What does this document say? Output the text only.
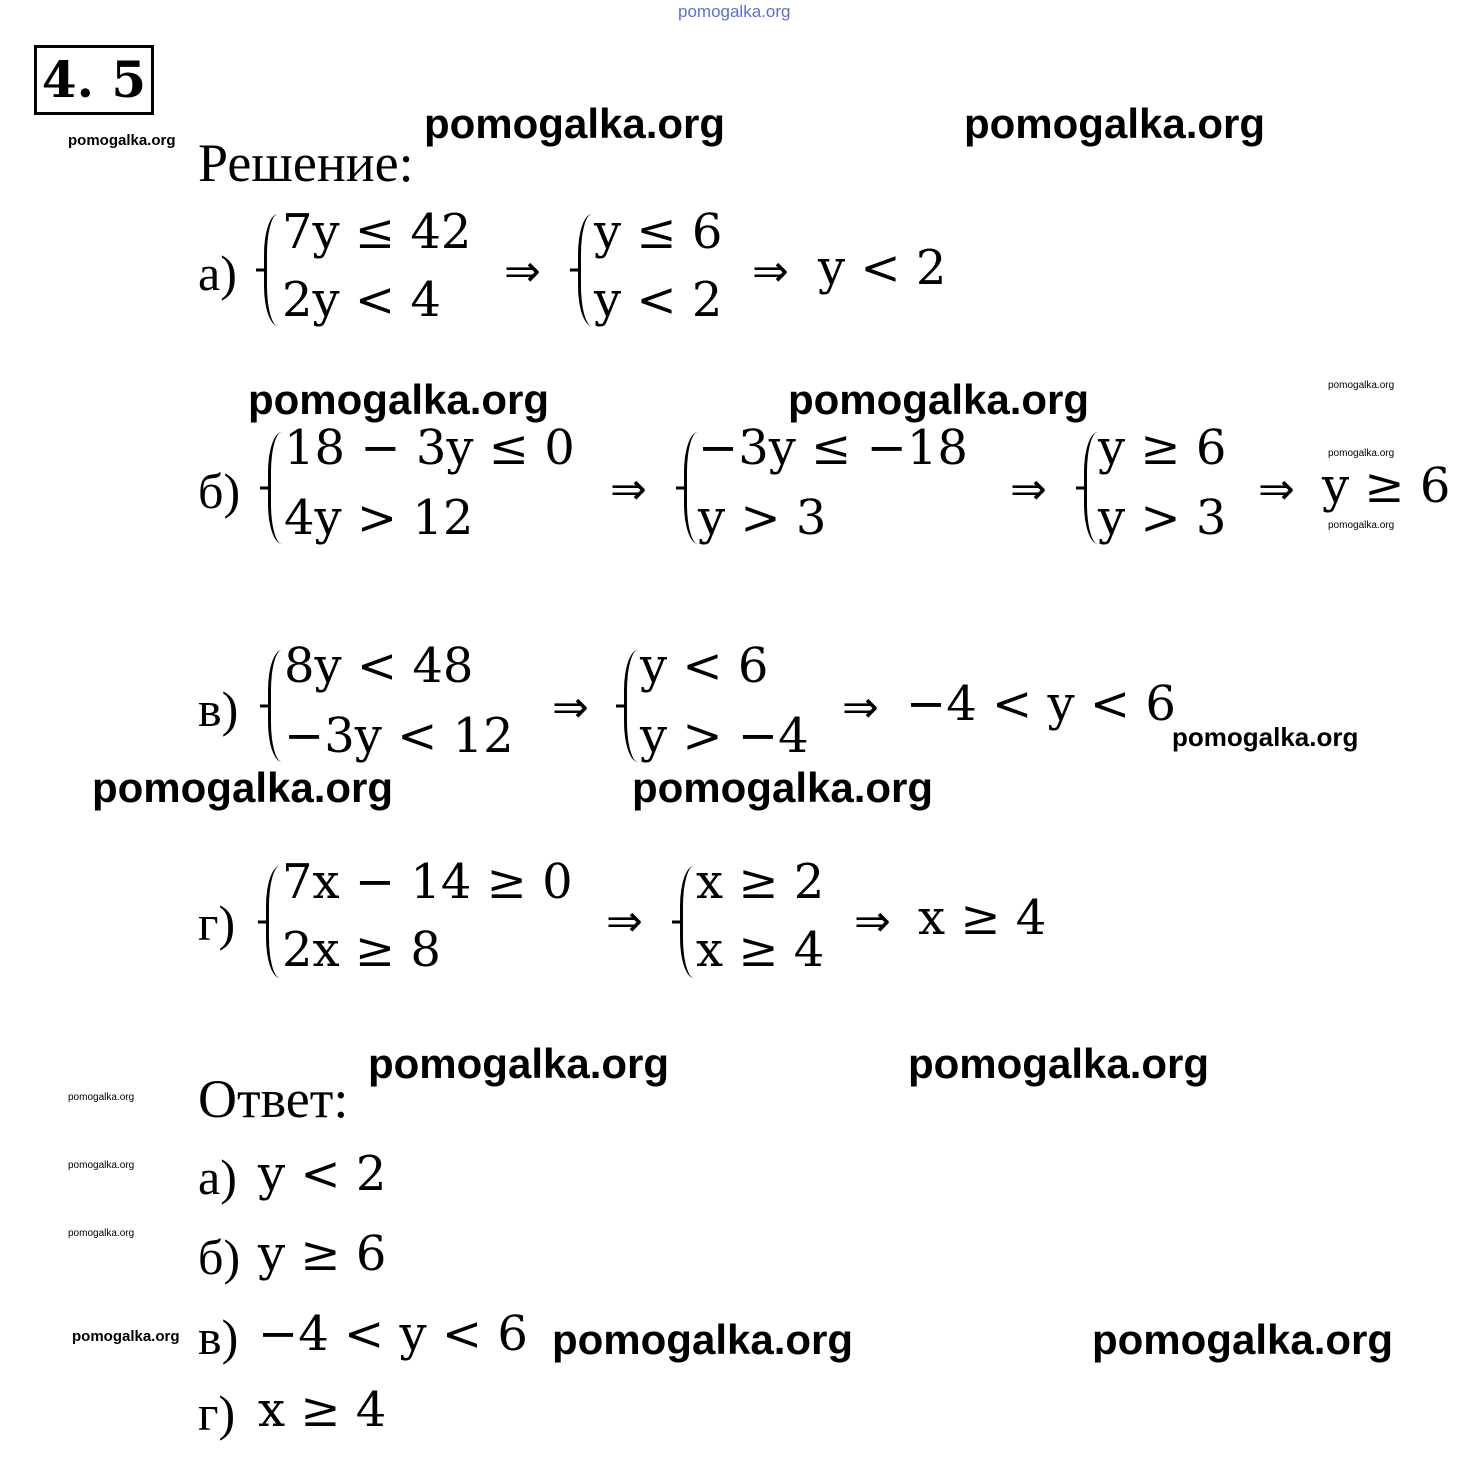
pomogalka.org
4. 5
pomogalka.org	pomogalka.org	pomogalka.org
Решение:
а)
7y ≤ 42
2y < 4
⇒
y ≤ 6
y < 2
⇒ y < 2
pomogalka.org	pomogalka.org	pomogalka.org
pomogalka.org
pomogalka.org
б)
18 − 3y ≤ 0
4y > 12
⇒
−3y ≤ −18
y > 3
⇒
y ≥ 6
y > 3
⇒ y ≥ 6
в)
8y < 48
−3y < 12
⇒
y < 6
y > −4
⇒ −4 < y < 6
pomogalka.org
pomogalka.org	pomogalka.org
г)
7x − 14 ≥ 0
2x ≥ 8
⇒
x ≥ 2
x ≥ 4
⇒ x ≥ 4
pomogalka.org	pomogalka.org
pomogalka.org
pomogalka.org
pomogalka.org
Ответ:
а) y < 2
б) y ≥ 6
pomogalka.org в) −4 < y < 6 pomogalka.org	pomogalka.org
г) x ≥ 4
